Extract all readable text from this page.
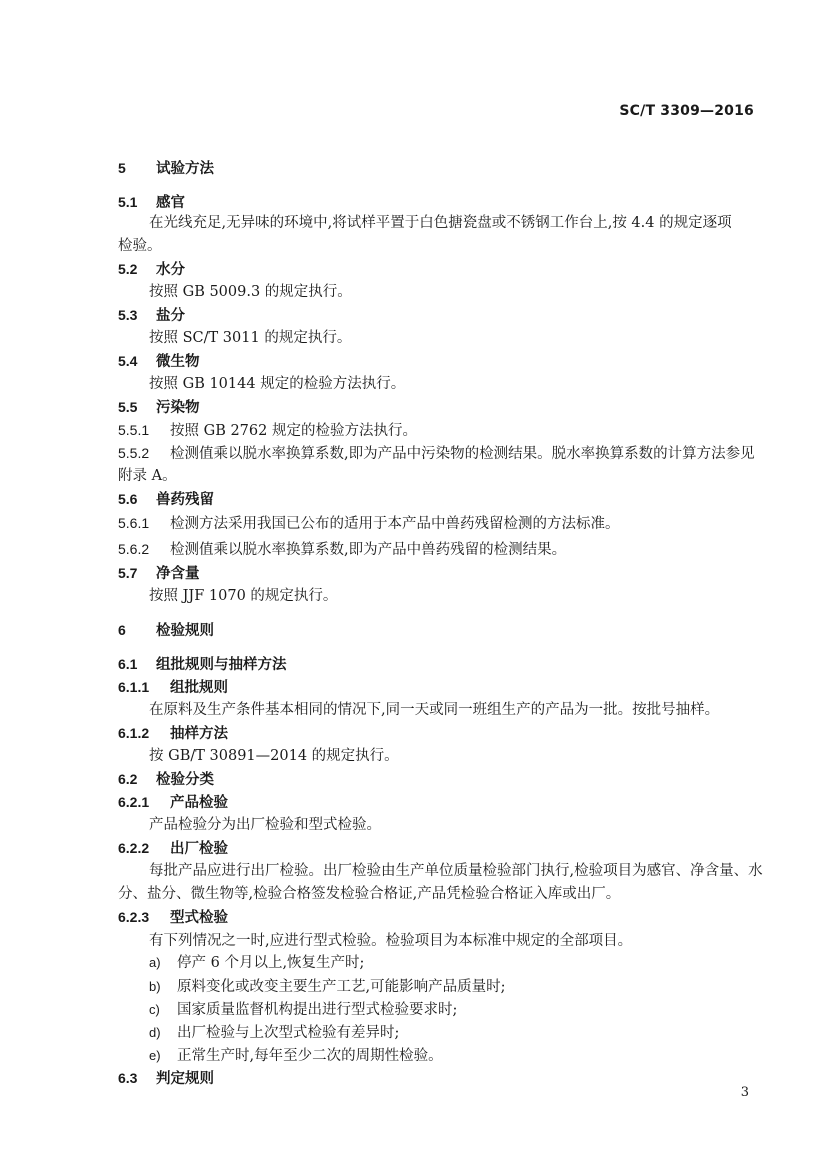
SC/T 3309—2016
5 试验方法
5.1 感官
在光线充足,无异味的环境中,将试样平置于白色搪瓷盘或不锈钢工作台上,按 4.4 的规定逐项
检验。
5.2 水分
按照 GB 5009.3 的规定执行。
5.3 盐分
按照 SC/T 3011 的规定执行。
5.4 微生物
按照 GB 10144 规定的检验方法执行。
5.5 污染物
5.5.1 按照 GB 2762 规定的检验方法执行。
5.5.2 检测值乘以脱水率换算系数,即为产品中污染物的检测结果。脱水率换算系数的计算方法参见
附录 A。
5.6 兽药残留
5.6.1 检测方法采用我国已公布的适用于本产品中兽药残留检测的方法标准。
5.6.2 检测值乘以脱水率换算系数,即为产品中兽药残留的检测结果。
5.7 净含量
按照 JJF 1070 的规定执行。
6 检验规则
6.1 组批规则与抽样方法
6.1.1 组批规则
在原料及生产条件基本相同的情况下,同一天或同一班组生产的产品为一批。按批号抽样。
6.1.2 抽样方法
按 GB/T 30891—2014 的规定执行。
6.2 检验分类
6.2.1 产品检验
产品检验分为出厂检验和型式检验。
6.2.2 出厂检验
每批产品应进行出厂检验。出厂检验由生产单位质量检验部门执行,检验项目为感官、净含量、水
分、盐分、微生物等,检验合格签发检验合格证,产品凭检验合格证入库或出厂。
6.2.3 型式检验
有下列情况之一时,应进行型式检验。检验项目为本标准中规定的全部项目。
a) 停产 6 个月以上,恢复生产时;
b) 原料变化或改变主要生产工艺,可能影响产品质量时;
c) 国家质量监督机构提出进行型式检验要求时;
d) 出厂检验与上次型式检验有差异时;
e) 正常生产时,每年至少二次的周期性检验。
6.3 判定规则
3
